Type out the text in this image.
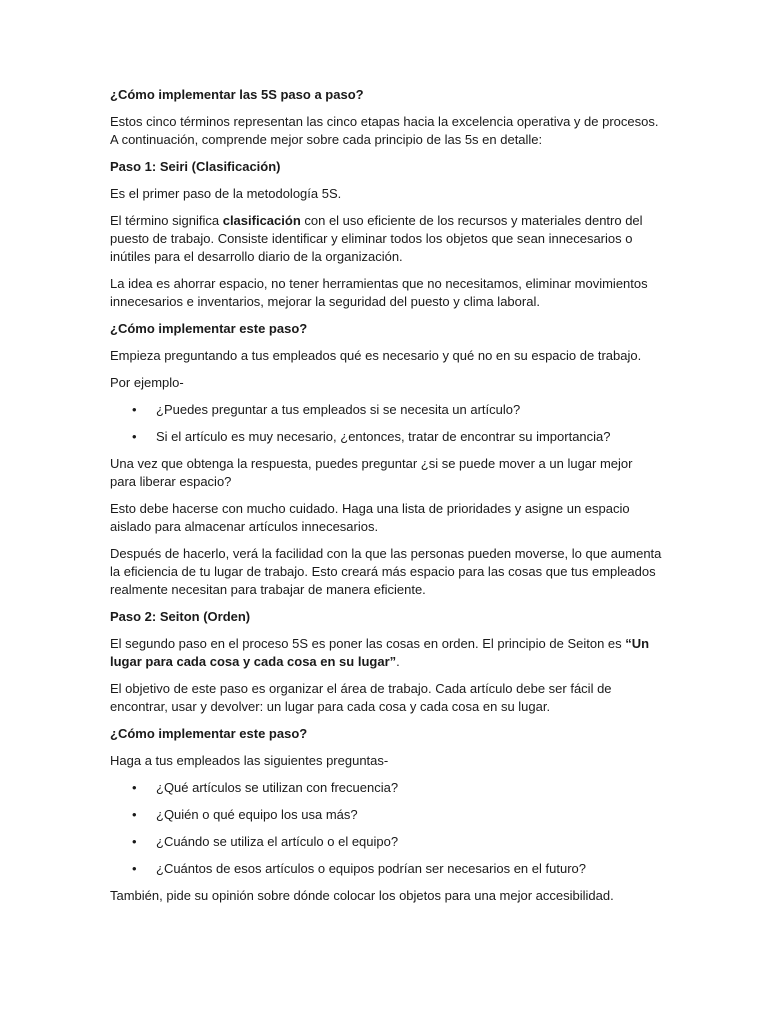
¿Cómo implementar las 5S paso a paso?

Estos cinco términos representan las cinco etapas hacia la excelencia operativa y de procesos. A continuación, comprende mejor sobre cada principio de las 5s en detalle:

Paso 1: Seiri (Clasificación)

Es el primer paso de la metodología 5S.

El término significa clasificación con el uso eficiente de los recursos y materiales dentro del puesto de trabajo. Consiste identificar y eliminar todos los objetos que sean innecesarios o inútiles para el desarrollo diario de la organización.

La idea es ahorrar espacio, no tener herramientas que no necesitamos, eliminar movimientos innecesarios e inventarios, mejorar la seguridad del puesto y clima laboral.

¿Cómo implementar este paso?

Empieza preguntando a tus empleados qué es necesario y qué no en su espacio de trabajo.

Por ejemplo-

• ¿Puedes preguntar a tus empleados si se necesita un artículo?
• Si el artículo es muy necesario, ¿entonces, tratar de encontrar su importancia?

Una vez que obtenga la respuesta, puedes preguntar ¿si se puede mover a un lugar mejor para liberar espacio?

Esto debe hacerse con mucho cuidado. Haga una lista de prioridades y asigne un espacio aislado para almacenar artículos innecesarios.

Después de hacerlo, verá la facilidad con la que las personas pueden moverse, lo que aumenta la eficiencia de tu lugar de trabajo. Esto creará más espacio para las cosas que tus empleados realmente necesitan para trabajar de manera eficiente.

Paso 2: Seiton (Orden)

El segundo paso en el proceso 5S es poner las cosas en orden. El principio de Seiton es “Un lugar para cada cosa y cada cosa en su lugar”.

El objetivo de este paso es organizar el área de trabajo. Cada artículo debe ser fácil de encontrar, usar y devolver: un lugar para cada cosa y cada cosa en su lugar.

¿Cómo implementar este paso?

Haga a tus empleados las siguientes preguntas-

• ¿Qué artículos se utilizan con frecuencia?
• ¿Quién o qué equipo los usa más?
• ¿Cuándo se utiliza el artículo o el equipo?
• ¿Cuántos de esos artículos o equipos podrían ser necesarios en el futuro?

También, pide su opinión sobre dónde colocar los objetos para una mejor accesibilidad.
